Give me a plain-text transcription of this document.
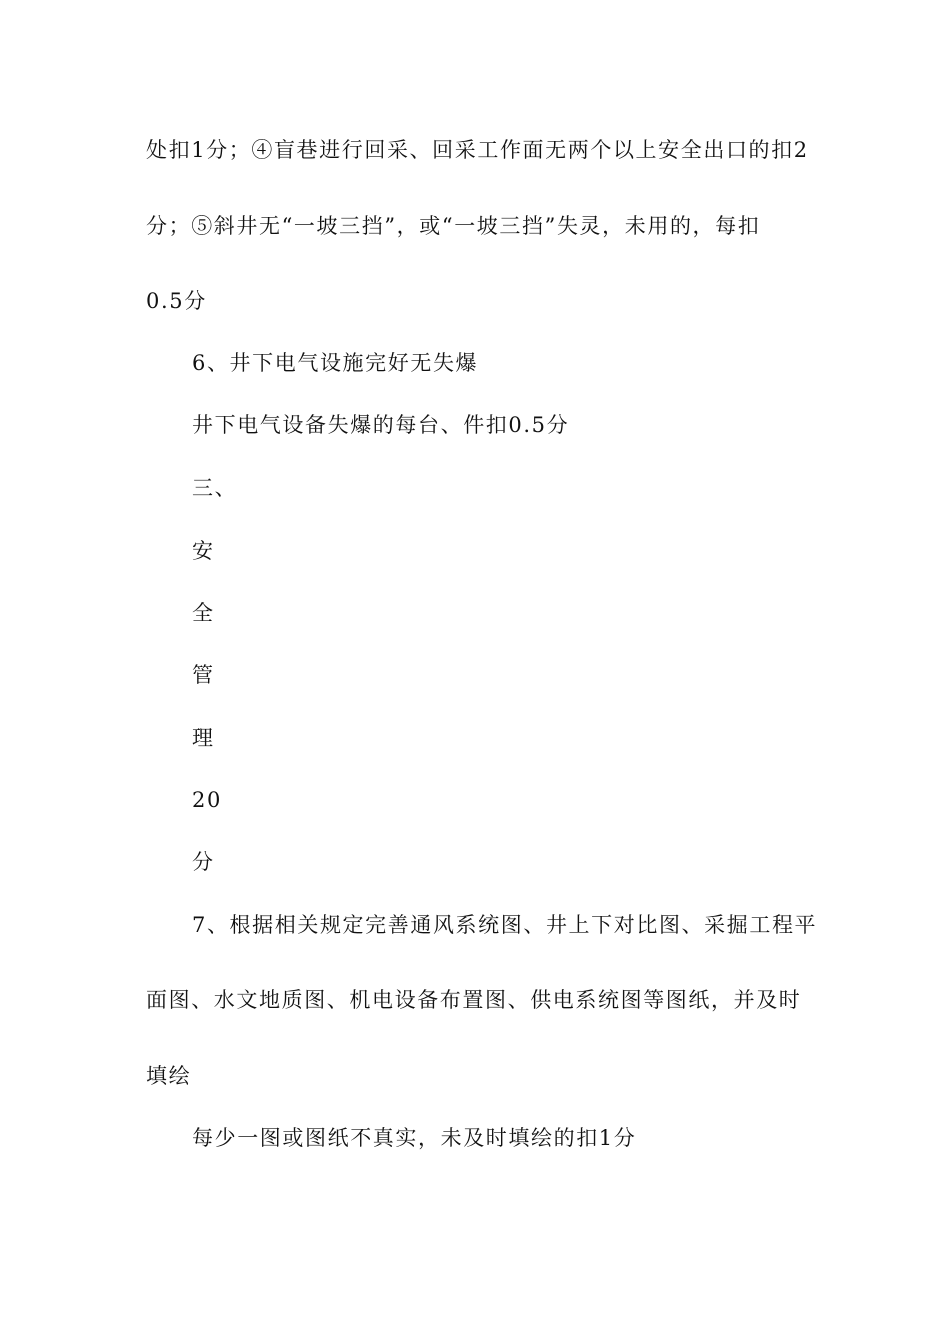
处扣1分；④盲巷进行回采、回采工作面无两个以上安全出口的扣2
分；⑤斜井无“一坡三挡”，或“一坡三挡”失灵，未用的，每扣
0.5分
6、井下电气设施完好无失爆
井下电气设备失爆的每台、件扣0.5分
三、
安
全
管
理
20
分
7、根据相关规定完善通风系统图、井上下对比图、采掘工程平
面图、水文地质图、机电设备布置图、供电系统图等图纸，并及时
填绘
每少一图或图纸不真实，未及时填绘的扣1分
